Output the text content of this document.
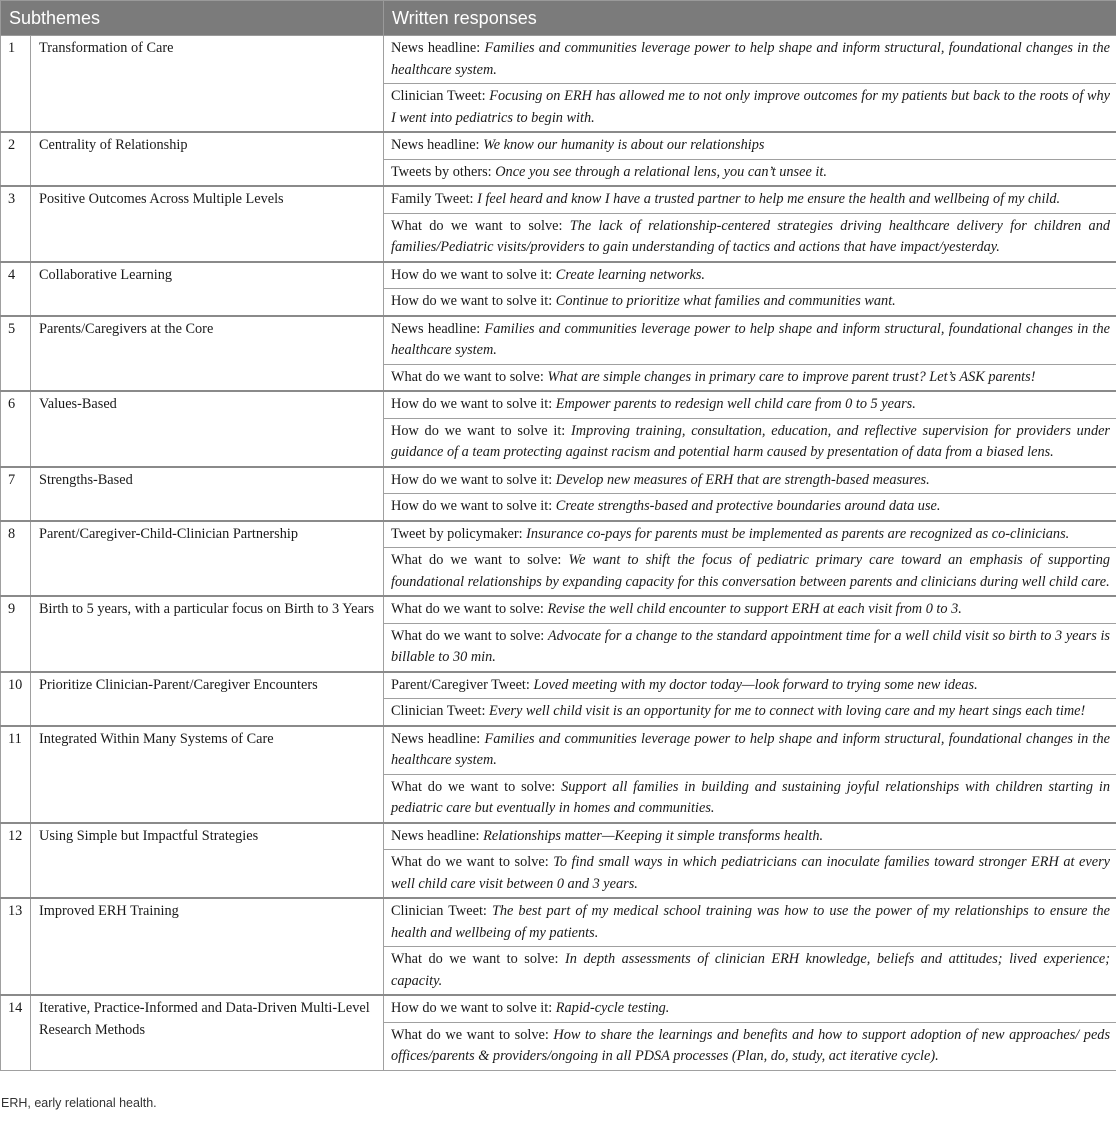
Subthemes		Written responses
1	Transformation of Care	News headline: Families and communities leverage power to help shape and inform structural, foundational changes in the healthcare system.
		Clinician Tweet: Focusing on ERH has allowed me to not only improve outcomes for my patients but back to the roots of why I went into pediatrics to begin with.
2	Centrality of Relationship	News headline: We know our humanity is about our relationships
		Tweets by others: Once you see through a relational lens, you can’t unsee it.
3	Positive Outcomes Across Multiple Levels	Family Tweet: I feel heard and know I have a trusted partner to help me ensure the health and wellbeing of my child.
		What do we want to solve: The lack of relationship-centered strategies driving healthcare delivery for children and families/Pediatric visits/providers to gain understanding of tactics and actions that have impact/yesterday.
4	Collaborative Learning	How do we want to solve it: Create learning networks.
		How do we want to solve it: Continue to prioritize what families and communities want.
5	Parents/Caregivers at the Core	News headline: Families and communities leverage power to help shape and inform structural, foundational changes in the healthcare system.
		What do we want to solve: What are simple changes in primary care to improve parent trust? Let’s ASK parents!
6	Values-Based	How do we want to solve it: Empower parents to redesign well child care from 0 to 5 years.
		How do we want to solve it: Improving training, consultation, education, and reflective supervision for providers under guidance of a team protecting against racism and potential harm caused by presentation of data from a biased lens.
7	Strengths-Based	How do we want to solve it: Develop new measures of ERH that are strength-based measures.
		How do we want to solve it: Create strengths-based and protective boundaries around data use.
8	Parent/Caregiver-Child-Clinician Partnership	Tweet by policymaker: Insurance co-pays for parents must be implemented as parents are recognized as co-clinicians.
		What do we want to solve: We want to shift the focus of pediatric primary care toward an emphasis of supporting foundational relationships by expanding capacity for this conversation between parents and clinicians during well child care.
9	Birth to 5 years, with a particular focus on Birth to 3 Years	What do we want to solve: Revise the well child encounter to support ERH at each visit from 0 to 3.
		What do we want to solve: Advocate for a change to the standard appointment time for a well child visit so birth to 3 years is billable to 30 min.
10	Prioritize Clinician-Parent/Caregiver Encounters	Parent/Caregiver Tweet: Loved meeting with my doctor today—look forward to trying some new ideas.
		Clinician Tweet: Every well child visit is an opportunity for me to connect with loving care and my heart sings each time!
11	Integrated Within Many Systems of Care	News headline: Families and communities leverage power to help shape and inform structural, foundational changes in the healthcare system.
		What do we want to solve: Support all families in building and sustaining joyful relationships with children starting in pediatric care but eventually in homes and communities.
12	Using Simple but Impactful Strategies	News headline: Relationships matter—Keeping it simple transforms health.
		What do we want to solve: To find small ways in which pediatricians can inoculate families toward stronger ERH at every well child care visit between 0 and 3 years.
13	Improved ERH Training	Clinician Tweet: The best part of my medical school training was how to use the power of my relationships to ensure the health and wellbeing of my patients.
		What do we want to solve: In depth assessments of clinician ERH knowledge, beliefs and attitudes; lived experience; capacity.
14	Iterative, Practice-Informed and Data-Driven Multi-Level Research Methods	How do we want to solve it: Rapid-cycle testing.
		What do we want to solve: How to share the learnings and benefits and how to support adoption of new approaches/ peds offices/parents & providers/ongoing in all PDSA processes (Plan, do, study, act iterative cycle).
ERH, early relational health.
